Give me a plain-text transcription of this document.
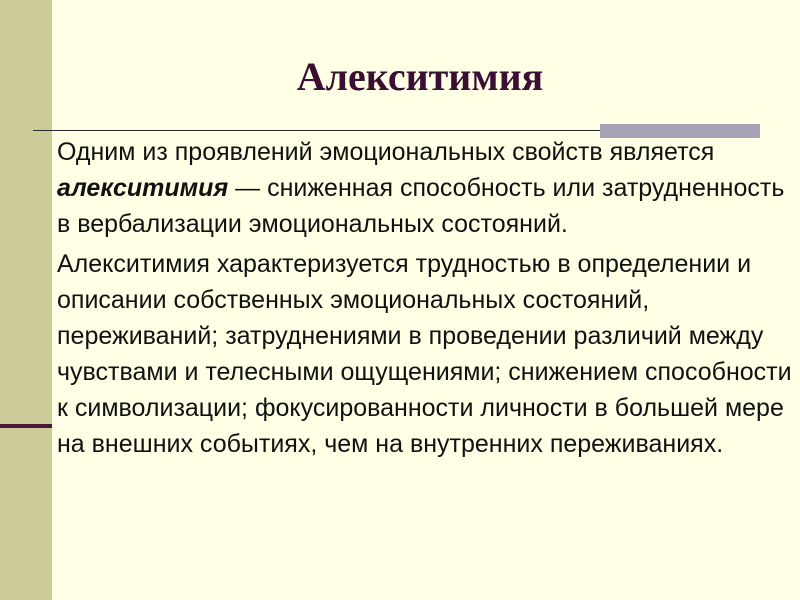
Алекситимия

Одним из проявлений эмоциональных свойств является алекситимия — сниженная способность или затрудненность в вербализации эмоциональных состояний.

Алекситимия характеризуется трудностью в определении и описании собственных эмоциональных состояний, переживаний; затруднениями в проведении различий между чувствами и телесными ощущениями; снижением способности к символизации; фокусированности личности в большей мере на внешних событиях, чем на внутренних переживаниях.
